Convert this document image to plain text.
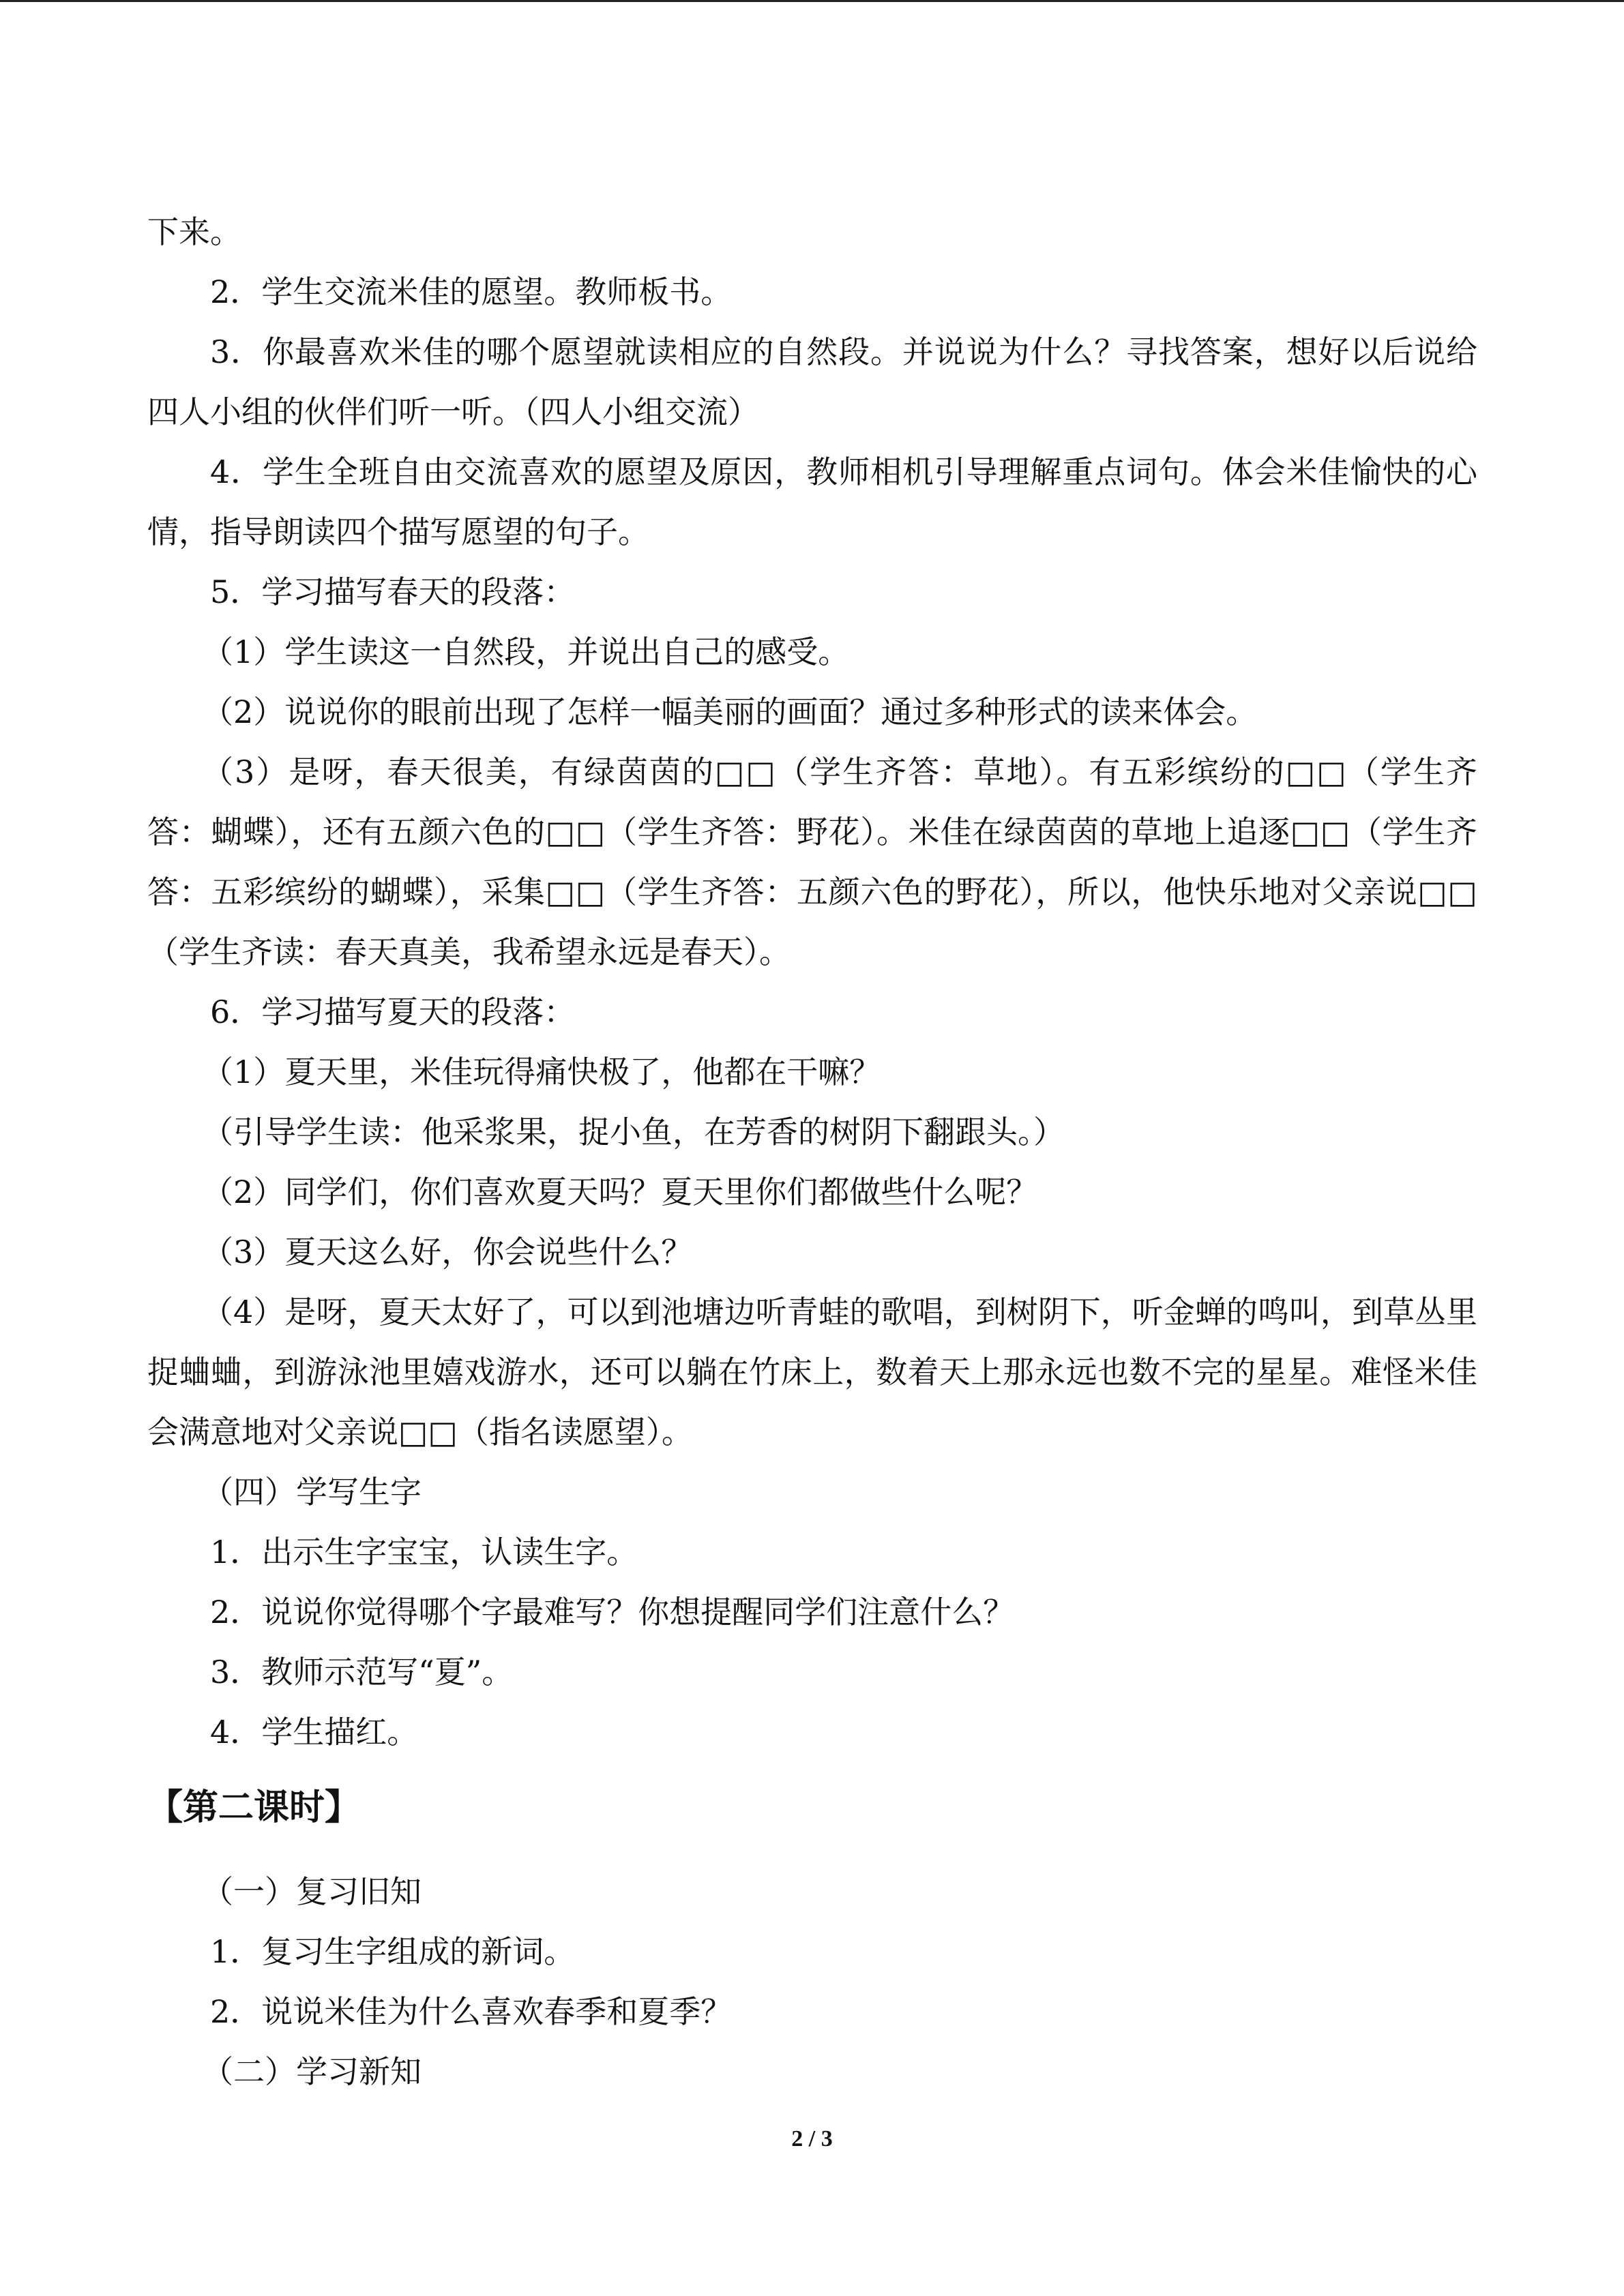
下来。

2．学生交流米佳的愿望。教师板书。

3．你最喜欢米佳的哪个愿望就读相应的自然段。并说说为什么？寻找答案，想好以后说给四人小组的伙伴们听一听。（四人小组交流）

4．学生全班自由交流喜欢的愿望及原因，教师相机引导理解重点词句。体会米佳愉快的心情，指导朗读四个描写愿望的句子。

5．学习描写春天的段落：

（1）学生读这一自然段，并说出自己的感受。

（2）说说你的眼前出现了怎样一幅美丽的画面？通过多种形式的读来体会。

（3）是呀，春天很美，有绿茵茵的□□（学生齐答：草地）。有五彩缤纷的□□（学生齐答：蝴蝶），还有五颜六色的□□（学生齐答：野花）。米佳在绿茵茵的草地上追逐□□（学生齐答：五彩缤纷的蝴蝶），采集□□（学生齐答：五颜六色的野花），所以，他快乐地对父亲说□□（学生齐读：春天真美，我希望永远是春天）。

6．学习描写夏天的段落：

（1）夏天里，米佳玩得痛快极了，他都在干嘛？

（引导学生读：他采浆果，捉小鱼，在芳香的树阴下翻跟头。）

（2）同学们，你们喜欢夏天吗？夏天里你们都做些什么呢？

（3）夏天这么好，你会说些什么？

（4）是呀，夏天太好了，可以到池塘边听青蛙的歌唱，到树阴下，听金蝉的鸣叫，到草丛里捉蛐蛐，到游泳池里嬉戏游水，还可以躺在竹床上，数着天上那永远也数不完的星星。难怪米佳会满意地对父亲说□□（指名读愿望）。

（四）学写生字

1．出示生字宝宝，认读生字。

2．说说你觉得哪个字最难写？你想提醒同学们注意什么？

3．教师示范写“夏”。

4．学生描红。

【第二课时】

（一）复习旧知

1．复习生字组成的新词。

2．说说米佳为什么喜欢春季和夏季？

（二）学习新知

2 / 3
